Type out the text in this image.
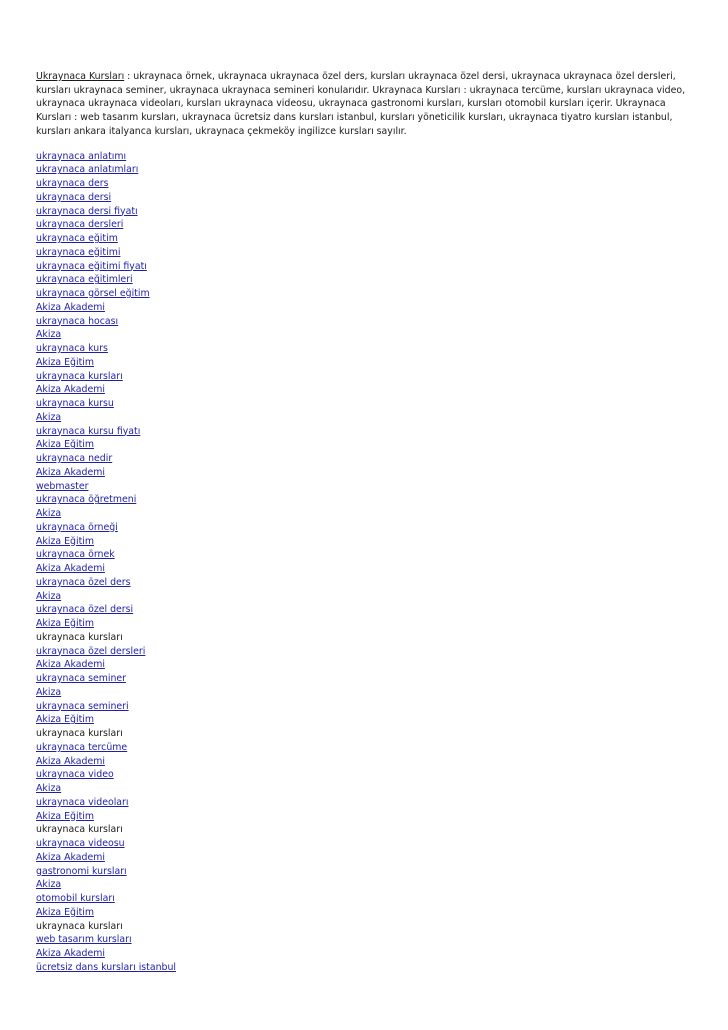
Ukraynaca Kursları : ukraynaca örnek, ukraynaca ukraynaca özel ders, kursları ukraynaca özel dersi, ukraynaca ukraynaca özel dersleri, kursları ukraynaca seminer, ukraynaca ukraynaca semineri konularıdır. Ukraynaca Kursları : ukraynaca tercüme, kursları ukraynaca video, ukraynaca ukraynaca videoları, kursları ukraynaca videosu, ukraynaca gastronomi kursları, kursları otomobil kursları içerir. Ukraynaca Kursları : web tasarım kursları, ukraynaca ücretsiz dans kursları istanbul, kursları yöneticilik kursları, ukraynaca tiyatro kursları istanbul, kursları ankara italyanca kursları, ukraynaca çekmeköy ingilizce kursları sayılır.

ukraynaca anlatımı
ukraynaca anlatımları
ukraynaca ders
ukraynaca dersi
ukraynaca dersi fiyatı
ukraynaca dersleri
ukraynaca eğitim
ukraynaca eğitimi
ukraynaca eğitimi fiyatı
ukraynaca eğitimleri
ukraynaca görsel eğitim
Akiza Akademi
ukraynaca hocası
Akiza
ukraynaca kurs
Akiza Eğitim
ukraynaca kursları
Akiza Akademi
ukraynaca kursu
Akiza
ukraynaca kursu fiyatı
Akiza Eğitim
ukraynaca nedir
Akiza Akademi
webmaster
ukraynaca öğretmeni
Akiza
ukraynaca örneği
Akiza Eğitim
ukraynaca örnek
Akiza Akademi
ukraynaca özel ders
Akiza
ukraynaca özel dersi
Akiza Eğitim
ukraynaca kursları
ukraynaca özel dersleri
Akiza Akademi
ukraynaca seminer
Akiza
ukraynaca semineri
Akiza Eğitim
ukraynaca kursları
ukraynaca tercüme
Akiza Akademi
ukraynaca video
Akiza
ukraynaca videoları
Akiza Eğitim
ukraynaca kursları
ukraynaca videosu
Akiza Akademi
gastronomi kursları
Akiza
otomobil kursları
Akiza Eğitim
ukraynaca kursları
web tasarım kursları
Akiza Akademi
ücretsiz dans kursları istanbul
